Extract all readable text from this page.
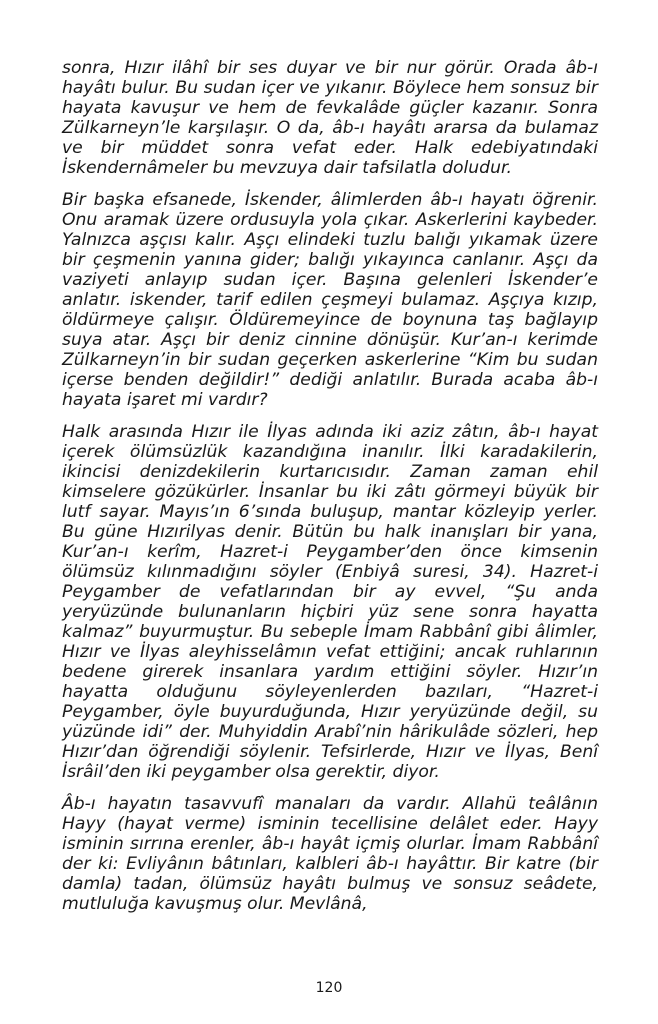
sonra, Hızır ilâhî bir ses duyar ve bir nur görür. Orada âb-ı hayâtı bulur. Bu sudan içer ve yıkanır. Böylece hem sonsuz bir hayata kavuşur ve hem de fevkalâde güçler kazanır. Sonra Zülkarneyn’le karşılaşır. O da, âb-ı hayâtı ararsa da bulamaz ve bir müddet sonra vefat eder. Halk edebiyatındaki İskendernâmeler bu mevzuya dair tafsilatla doludur.

Bir başka efsanede, İskender, âlimlerden âb-ı hayatı öğrenir. Onu aramak üzere ordusuyla yola çıkar. Askerlerini kaybeder. Yalnızca aşçısı kalır. Aşçı elindeki tuzlu balığı yıkamak üzere bir çeşmenin yanına gider; balığı yıkayınca canlanır. Aşçı da vaziyeti anlayıp sudan içer. Başına gelenleri İskender’e anlatır. iskender, tarif edilen çeşmeyi bulamaz. Aşçıya kızıp, öldürmeye çalışır. Öldüremeyince de boynuna taş bağlayıp suya atar. Aşçı bir deniz cinnine dönüşür. Kur’an-ı kerimde Zülkarneyn’in bir sudan geçerken askerlerine “Kim bu sudan içerse benden değildir!” dediği anlatılır. Burada acaba âb-ı hayata işaret mi vardır?

Halk arasında Hızır ile İlyas adında iki aziz zâtın, âb-ı hayat içerek ölümsüzlük kazandığına inanılır. İlki karadakilerin, ikincisi denizdekilerin kurtarıcısıdır. Zaman zaman ehil kimselere gözükürler. İnsanlar bu iki zâtı görmeyi büyük bir lutf sayar. Mayıs’ın 6’sında buluşup, mantar közleyip yerler. Bu güne Hızırilyas denir. Bütün bu halk inanışları bir yana, Kur’an-ı kerîm, Hazret-i Peygamber’den önce kimsenin ölümsüz kılınmadığını söyler (Enbiyâ suresi, 34). Hazret-i Peygamber de vefatlarından bir ay evvel, “Şu anda yeryüzünde bulunanların hiçbiri yüz sene sonra hayatta kalmaz” buyurmuştur. Bu sebeple İmam Rabbânî gibi âlimler, Hızır ve İlyas aleyhisselâmın vefat ettiğini; ancak ruhlarının bedene girerek insanlara yardım ettiğini söyler. Hızır’ın hayatta olduğunu söyleyenlerden bazıları, “Hazret-i Peygamber, öyle buyurduğunda, Hızır yeryüzünde değil, su yüzünde idi” der. Muhyiddin Arabî’nin hârikulâde sözleri, hep Hızır’dan öğrendiği söylenir. Tefsirlerde, Hızır ve İlyas, Benî İsrâil’den iki peygamber olsa gerektir, diyor.

Âb-ı hayatın tasavvufî manaları da vardır. Allahü teâlânın Hayy (hayat verme) isminin tecellisine delâlet eder. Hayy isminin sırrına erenler, âb-ı hayât içmiş olurlar. İmam Rabbânî der ki: Evliyânın bâtınları, kalbleri âb-ı hayâttır. Bir katre (bir damla) tadan, ölümsüz hayâtı bulmuş ve sonsuz seâdete, mutluluğa kavuşmuş olur. Mevlânâ,

120
